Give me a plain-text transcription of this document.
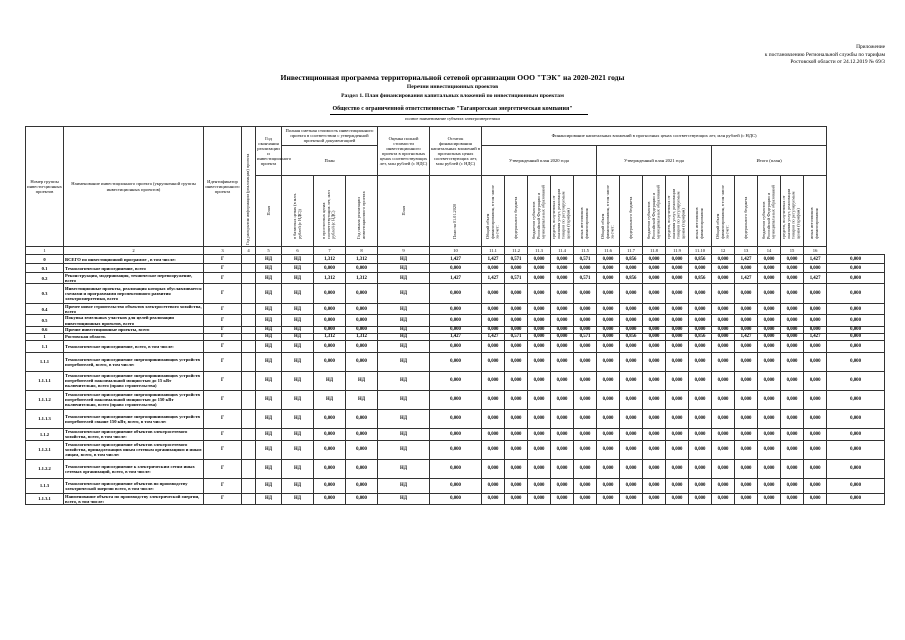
Приложение
к постановлению Региональной службы по тарифам
Ростовской области от 24.12.2019 № 69/3
Инвестиционная программа территориальной сетевой организации ООО "ТЭК" на 2020-2021 годы
Перечни инвестиционных проектов
Раздел 1. План финансирования капитальных вложений по инвестиционным проектам
Общество с ограниченной ответственностью "Таганрогская энергетическая компания"
полное наименование субъекта электроэнергетики
Номер группы инвести-ционных проектов	Наименование инвестиционного проекта (укрупненной группы инвестиционных проектов)	Идентификатор инвестиционного проекта	Год раскрытия информации (реализации) проекта	Год окончания реализации и инвестиционного проекта	Полная сметная стоимость инвестиционного проекта в соответствии с утвержденной проектной документацией			Оценка полной стоимости инвестиционного проекта в прогнозных ценах соответствующих лет, млн рублей (с НДС)	Остаток финансирования капитальных вложений в прогнозных ценах соответствующих лет, млн рублей (с НДС)	Финансирование капитальных вложений в прогнозных ценах соответствующих лет, млн рублей (с НДС)															
					План					Утвержденный план 2020 года					Утвержденный план 2021 года					Итого (план)					
				План	в базисных ценах (в млн. рублей (с НДС))	в прогнозных ценах соответствующих лет, млн рублей (с НДС)	Год начала реализации инвестиционного проекта	План	План на 01.01.2020	Общий объем финансирования, в том числе за счет:	федерального бюджета	бюджетов субъектов Российской Федерации и муниципальных образований	средств, полученных от оказания услуг, реализации товаров по регулируемым ценам (тарифам)	иных источников финансирования	Общий объем финансирования, в том числе за счет:	федерального бюджета	бюджетов субъектов Российской Федерации и муниципальных образований	средств, полученных от оказания услуг, реализации товаров по регулируемым ценам (тарифам)	иных источников финансирования	Общий объем финансирования, в том числе за счет:	федерального бюджета	бюджетов субъектов Российской Федерации и муниципальных образований	средств, полученных от оказания услуг, реализации товаров по регулируемым ценам (тарифам)	иных источников финансирования	
1	2	3	4	5	6	7	8	9	10	11.1	11.2	11.3	11.4	11.5	11.6	11.7	11.8	11.9	11.10	12	13	14	15	16	
0	ВСЕГО по инвестиционной программе , в том числе:	Г		НД	НД	1,312	1,312	НД	1,427	1,427	0,571	0,000	0,000	0,571	0,000	0,856	0,000	0,000	0,856	0,000	1,427	0,000	0,000	1,427	0,000
0.1	Технологическое присоединение, всего	Г		НД	НД	0,000	0,000	НД	0,000	0,000	0,000	0,000	0,000	0,000	0,000	0,000	0,000	0,000	0,000	0,000	0,000	0,000	0,000	0,000	0,000
0.2	Реконструкция, модернизация, техническое перевооружение, всего	Г		НД	НД	1,312	1,312	НД	1,427	1,427	0,571	0,000	0,000	0,571	0,000	0,856	0,000	0,000	0,856	0,000	1,427	0,000	0,000	1,427	0,000
0.3	Инвестиционные проекты, реализация которых обуславливается схемами и программами перспективного развития электроэнергетики, всего	Г		НД	НД	0,000	0,000	НД	0,000	0,000	0,000	0,000	0,000	0,000	0,000	0,000	0,000	0,000	0,000	0,000	0,000	0,000	0,000	0,000	0,000
0.4	Прочее новое строительство объектов электросетевого хозяйства, всего	Г		НД	НД	0,000	0,000	НД	0,000	0,000	0,000	0,000	0,000	0,000	0,000	0,000	0,000	0,000	0,000	0,000	0,000	0,000	0,000	0,000	0,000
0.5	Покупка земельных участков для целей реализации инвестиционных проектов, всего	Г		НД	НД	0,000	0,000	НД	0,000	0,000	0,000	0,000	0,000	0,000	0,000	0,000	0,000	0,000	0,000	0,000	0,000	0,000	0,000	0,000	0,000
0.6	Прочие инвестиционные проекты, всего	Г		НД	НД	0,000	0,000	НД	0,000	0,000	0,000	0,000	0,000	0,000	0,000	0,000	0,000	0,000	0,000	0,000	0,000	0,000	0,000	0,000	0,000
1	Ростовская область	Г		НД	НД	1,312	1,312	НД	1,427	1,427	0,571	0,000	0,000	0,571	0,000	0,856	0,000	0,000	0,856	0,000	1,427	0,000	0,000	1,427	0,000
1.1	Технологическое присоединение, всего, в том числе:	Г		НД	НД	0,000	0,000	НД	0,000	0,000	0,000	0,000	0,000	0,000	0,000	0,000	0,000	0,000	0,000	0,000	0,000	0,000	0,000	0,000	0,000
1.1.1	Технологическое присоединение энергопринимающих устройств потребителей, всего, в том числе:	Г		НД	НД	0,000	0,000	НД	0,000	0,000	0,000	0,000	0,000	0,000	0,000	0,000	0,000	0,000	0,000	0,000	0,000	0,000	0,000	0,000	0,000
1.1.1.1	Технологическое присоединение энергопринимающих устройств потребителей максимальной мощностью до 15 кВт включительно, всего (право строительства)	Г		НД	НД	НД	НД	НД	0,000	0,000	0,000	0,000	0,000	0,000	0,000	0,000	0,000	0,000	0,000	0,000	0,000	0,000	0,000	0,000	0,000
1.1.1.2	Технологическое присоединение энергопринимающих устройств потребителей максимальной мощностью до 150 кВт включительно, всего (право строительства)	Г		НД	НД	НД	НД	НД	0,000	0,000	0,000	0,000	0,000	0,000	0,000	0,000	0,000	0,000	0,000	0,000	0,000	0,000	0,000	0,000	0,000
1.1.1.3	Технологическое присоединение энергопринимающих устройств потребителей свыше 150 кВт, всего, в том числе:	Г		НД	НД	0,000	0,000	НД	0,000	0,000	0,000	0,000	0,000	0,000	0,000	0,000	0,000	0,000	0,000	0,000	0,000	0,000	0,000	0,000	0,000
1.1.2	Технологическое присоединение объектов электросетевого хозяйства, всего, в том числе:	Г		НД	НД	0,000	0,000	НД	0,000	0,000	0,000	0,000	0,000	0,000	0,000	0,000	0,000	0,000	0,000	0,000	0,000	0,000	0,000	0,000	0,000
1.1.2.1	Технологическое присоединение объектов электросетевого хозяйства, принадлежащих иным сетевым организациям и иным лицам, всего, в том числе:	Г		НД	НД	0,000	0,000	НД	0,000	0,000	0,000	0,000	0,000	0,000	0,000	0,000	0,000	0,000	0,000	0,000	0,000	0,000	0,000	0,000	0,000
1.1.2.2	Технологическое присоединение к электрическим сетям иных сетевых организаций, всего, в том числе:	Г		НД	НД	0,000	0,000	НД	0,000	0,000	0,000	0,000	0,000	0,000	0,000	0,000	0,000	0,000	0,000	0,000	0,000	0,000	0,000	0,000	0,000
1.1.3	Технологическое присоединение объектов по производству электрической энергии всего, в том числе:	Г		НД	НД	0,000	0,000	НД	0,000	0,000	0,000	0,000	0,000	0,000	0,000	0,000	0,000	0,000	0,000	0,000	0,000	0,000	0,000	0,000	0,000
1.1.3.1	Наименование объекта по производству электрической энергии, всего, в том числе:	Г		НД	НД	0,000	0,000	НД	0,000	0,000	0,000	0,000	0,000	0,000	0,000	0,000	0,000	0,000	0,000	0,000	0,000	0,000	0,000	0,000	0,000
